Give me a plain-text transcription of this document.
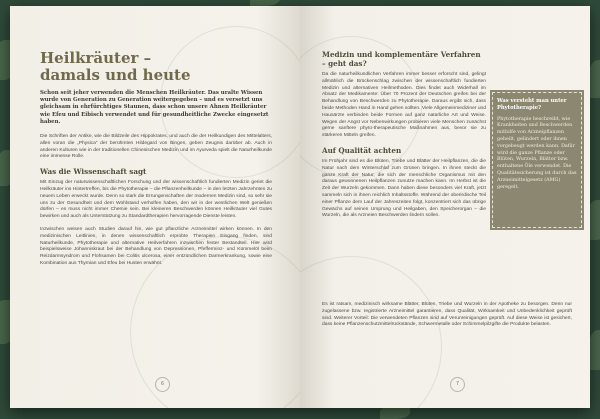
Heilkräuter –
damals und heute

Schon seit jeher verwenden die Menschen Heilkräuter. Das uralte Wissen wurde von Generation zu Generation weitergegeben – und es versetzt uns gleichsam in ehrfürchtiges Staunen, dass schon unsere Ahnen Heilkräuter wie Efeu und Eibisch verwendet und für gesundheitliche Zwecke eingesetzt haben.

Die Schriften der Antike, wie die Bildzeile des Hippokrates, und auch die der Heilkundigen des Mittelalters, allen voran die „Physica“ der berühmten Hildegard von Bingen, geben Zeugnis darüber ab. Auch in anderen Kulturen wie in der traditionellen Chinesischen Medizin und im Ayurveda spielt die Naturheilkunde eine immense Rolle.

Was die Wissenschaft sagt

Mit Einzug der naturwissenschaftlichen Forschung und der wissenschaftlich fundierten Medizin geriet die Heilkräuter ins Hintertreffen, bis die Phytotherapie – die Pflanzenheilkunde – in den letzten Jahrzehnten zu neuem Leben erweckt wurde. Denn so stark die Errungenschaften der modernen Medizin sind, so sehr sie uns zu der Gesundheit und dem Wohlstand verholfen haben, den wir in der westlichen Welt genießen dürfen – es muss nicht immer Chemie sein. Bei kleineren Beschwerden können Heilkräuter viel Gutes bewirken und auch als Unterstützung zu Standardtherapien hervorragende Dienste leisten.

Inzwischen weisen auch Studien darauf hin, wie gut pflanzliche Arzneimittel wirken können. In den medizinischen Leitlinien, in denen wissenschaftlich erprobte Therapien Eingang finden, sind Naturheilkunde, Phytotherapie und alternative Heilverfahren inzwischen fester Bestandteil. Hier wird beispielsweise Johanniskraut bei der Behandlung von Depressionen, Pfefferminz- und Kümmelöl beim Reizdarmsyndrom und Flohsamen bei Colitis ulcerosa, einer entzündlichen Darmerkrankung, sowie eine Kombination aus Thymian und Efeu bei Husten erwähnt.

6
Medizin und komplementäre Verfahren – geht das?

Da die naturheilkundlichen Verfahren immer besser erforscht sind, gelingt allmählich die Brückenschlag zwischen der wissenschaftlich fundierten Medizin und alternativen Heilmethoden. Dies findet auch Widerhall im Absatz der Medikamente: Über 70 Prozent der Deutschen greifen bei der Behandlung von Beschwerden zu Phytotherapie. Daraus ergibt sich, dass beide Methoden Hand in Hand gehen sollten. Viele Allgemeinmediziner und Hausärzte verbinden beide Formen auf ganz natürliche Art und Weise. Wegen der Angst vor Nebenwirkungen probieren viele Menschen zunächst gerne sanftere phyto-therapeutische Maßnahmen aus, bevor sie zu stärkeren Mitteln greifen.

Auf Qualität achten

Im Frühjahr sind es die Blüten, Triebe und Blätter der Heilpflanzen, die die Natur nach dem Winterschlaf zum Grünen bringen. In ihnen steckt die ganze Kraft der Natur, die sich der menschliche Organismus mit den daraus gewonnenen Heilpflanzen zunutze machen kann. Im Herbst ist die Zeit der Wurzeln gekommen. Dann haben diese besonders viel Kraft, jetzt sammeln sich in ihnen reichlich Inhaltsstoffe. Während der oberirdische Teil einer Pflanze dem Lauf der Jahreszeiten folgt, konzentriert sich das übrige Gewächs auf seinen Ursprung und Heilgaben, den Speicherorgan – die Wurzeln, die als Arzneien Beschwerden lindern sollen.

Es ist ratsam, medizinisch wirksame Blätter, Blüten, Triebe und Wurzeln in der Apotheke zu besorgen. Denn nur zugelassene bzw. registrierte Arzneimittel garantieren, dass Qualität, Wirksamkeit und Unbedenklichkeit geprüft sind. Weiterer Vorteil: Die verwendeten Pflanzen sind auf Verunreinigungen geprüft. Auf diese Weise ist gesichert, dass keine Pflanzenschutzmittelrückstände, Schwermetalle oder Schimmelpilzgifte die Produkte belasten.

Was versteht man unter Phytotherapie?

Phytotherapie beschreibt, wie Krankheiten und Beschwerden mithilfe von Arzneipflanzen geheilt, gelindert oder ihnen vorgebeugt werden kann. Dafür wird die ganze Pflanze oder Blüten, Wurzeln, Blätter bzw. enthaltene Öle verwendet. Die Qualitätssicherung ist durch das Arzneimittelgesetz (AMG) geregelt.

7
